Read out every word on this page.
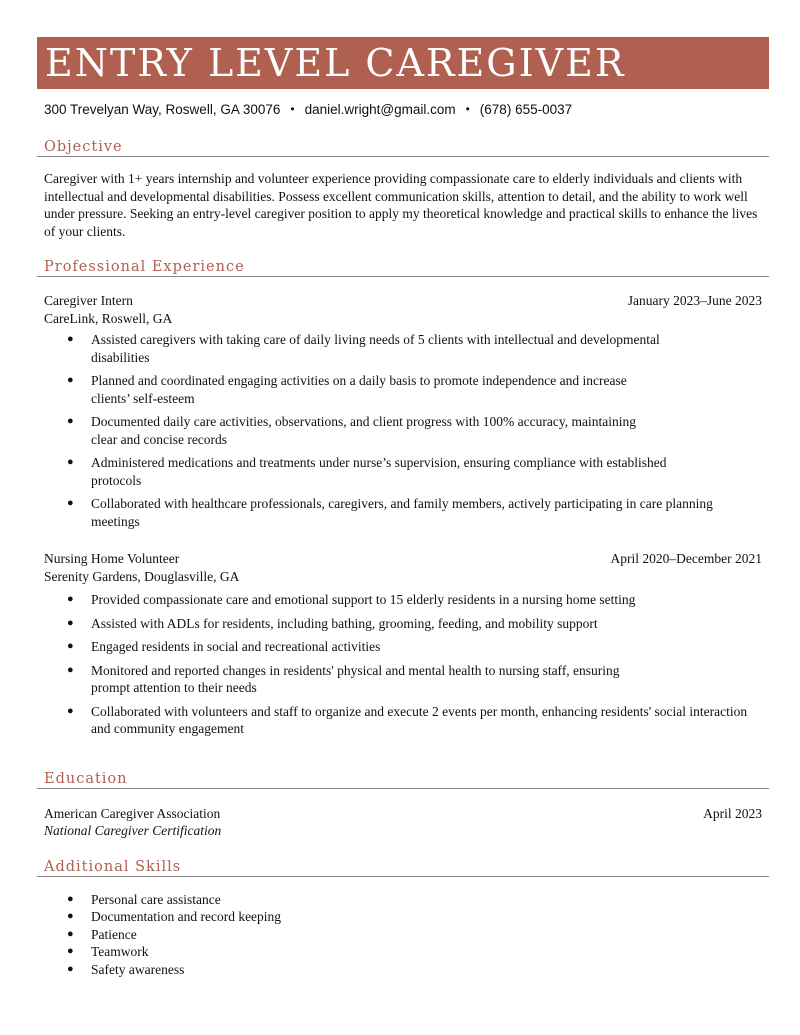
ENTRY LEVEL CAREGIVER
300 Trevelyan Way, Roswell, GA 30076 • daniel.wright@gmail.com • (678) 655-0037
Objective
Caregiver with 1+ years internship and volunteer experience providing compassionate care to elderly individuals and clients with intellectual and developmental disabilities. Possess excellent communication skills, attention to detail, and the ability to work well under pressure. Seeking an entry-level caregiver position to apply my theoretical knowledge and practical skills to enhance the lives of your clients.
Professional Experience
Caregiver Intern	January 2023–June 2023
CareLink, Roswell, GA
● Assisted caregivers with taking care of daily living needs of 5 clients with intellectual and developmental disabilities
● Planned and coordinated engaging activities on a daily basis to promote independence and increase clients’ self-esteem
● Documented daily care activities, observations, and client progress with 100% accuracy, maintaining clear and concise records
● Administered medications and treatments under nurse’s supervision, ensuring compliance with established protocols
● Collaborated with healthcare professionals, caregivers, and family members, actively participating in care planning meetings
Nursing Home Volunteer	April 2020–December 2021
Serenity Gardens, Douglasville, GA
● Provided compassionate care and emotional support to 15 elderly residents in a nursing home setting
● Assisted with ADLs for residents, including bathing, grooming, feeding, and mobility support
● Engaged residents in social and recreational activities
● Monitored and reported changes in residents' physical and mental health to nursing staff, ensuring prompt attention to their needs
● Collaborated with volunteers and staff to organize and execute 2 events per month, enhancing residents' social interaction and community engagement
Education
American Caregiver Association	April 2023
National Caregiver Certification
Additional Skills
● Personal care assistance
● Documentation and record keeping
● Patience
● Teamwork
● Safety awareness
